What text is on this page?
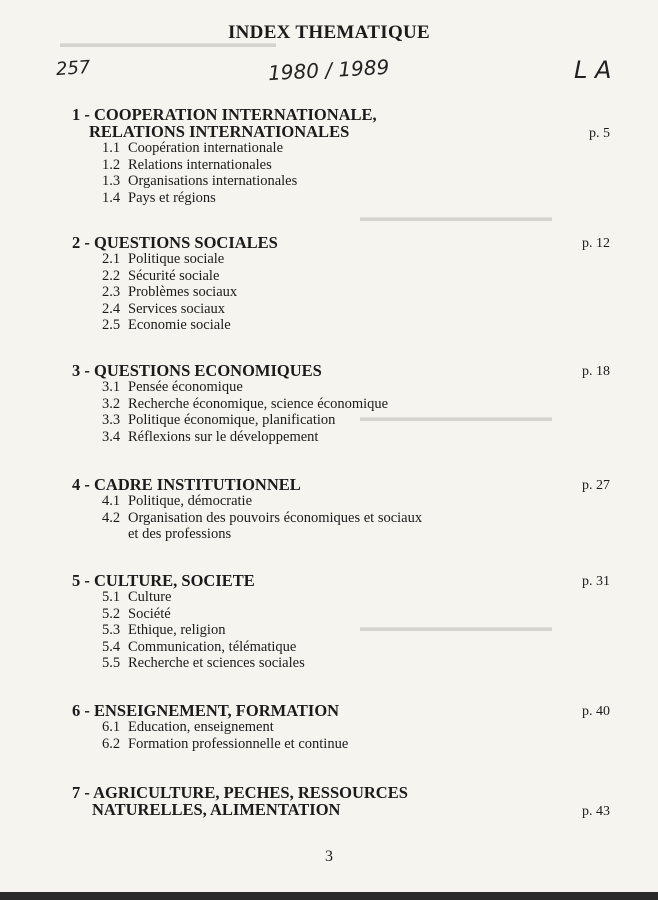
▬▬▬▬▬▬▬▬▬▬▬▬▬▬▬▬▬▬
▬▬▬▬▬▬▬▬▬▬▬▬▬▬▬▬
▬▬▬▬▬▬▬▬▬▬▬▬▬▬▬▬
▬▬▬▬▬▬▬▬▬▬▬▬▬▬▬▬
INDEX THEMATIQUE
257	1980 / 1989	L A
1 - COOPERATION INTERNATIONALE,
RELATIONS INTERNATIONALES	p. 5
1.1 Coopération internationale
1.2 Relations internationales
1.3 Organisations internationales
1.4 Pays et régions
2 - QUESTIONS SOCIALES	p. 12
2.1 Politique sociale
2.2 Sécurité sociale
2.3 Problèmes sociaux
2.4 Services sociaux
2.5 Economie sociale
3 - QUESTIONS ECONOMIQUES	p. 18
3.1 Pensée économique
3.2 Recherche économique, science économique
3.3 Politique économique, planification
3.4 Réflexions sur le développement
4 - CADRE INSTITUTIONNEL	p. 27
4.1 Politique, démocratie
4.2 Organisation des pouvoirs économiques et sociaux
et des professions
5 - CULTURE, SOCIETE	p. 31
5.1 Culture
5.2 Société
5.3 Ethique, religion
5.4 Communication, télématique
5.5 Recherche et sciences sociales
6 - ENSEIGNEMENT, FORMATION	p. 40
6.1 Education, enseignement
6.2 Formation professionnelle et continue
7 - AGRICULTURE, PECHES, RESSOURCES
NATURELLES, ALIMENTATION	p. 43
3
